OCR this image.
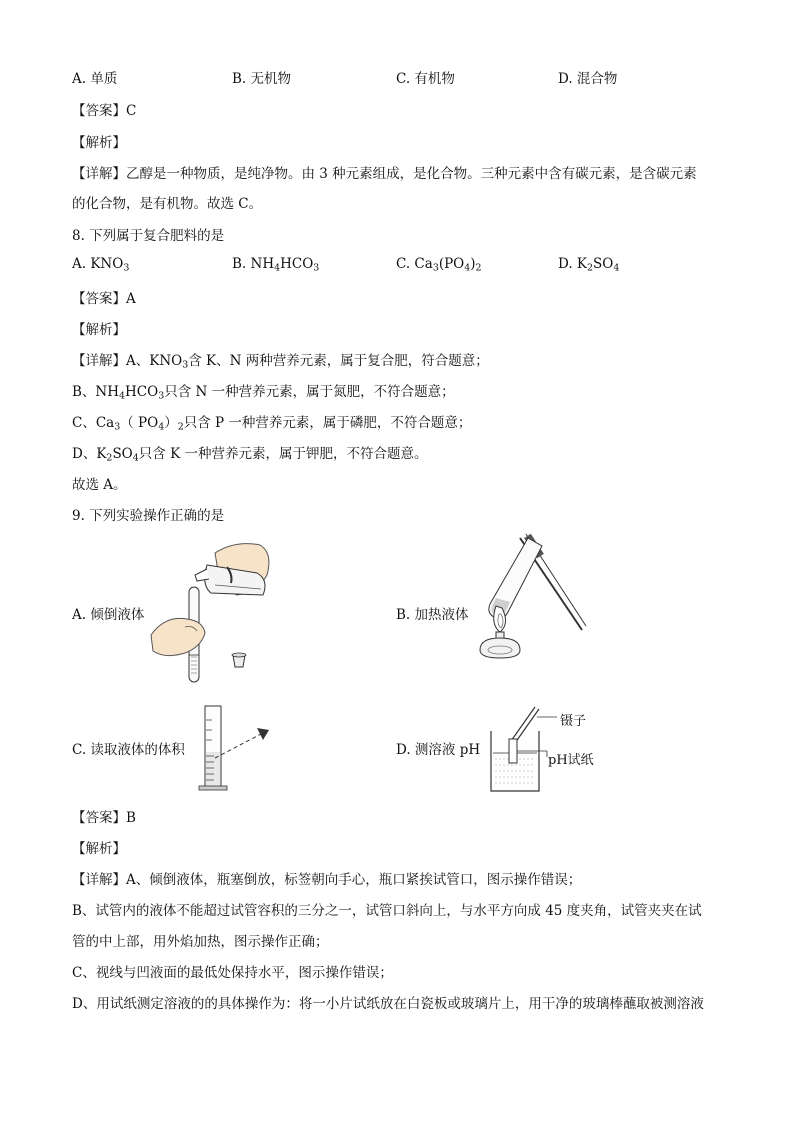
A. 单质	B. 无机物	C. 有机物	D. 混合物
【答案】C
【解析】
【详解】乙醇是一种物质，是纯净物。由 3 种元素组成，是化合物。三种元素中含有碳元素，是含碳元素
的化合物，是有机物。故选 C。
8. 下列属于复合肥料的是
A. $KNO_3$	B. $NH_4HCO_3$	C. $Ca_3(PO_4)_2$	D. $K_2SO_4$
【答案】A
【解析】
【详解】A、$KNO_3$含 K、N 两种营养元素，属于复合肥，符合题意；
B、$NH_4HCO_3$只含 N 一种营养元素，属于氮肥，不符合题意；
C、$Ca_3$（ $PO_4)_2$只含 P 一种营养元素，属于磷肥，不符合题意；
D、$K_2SO_4$只含 K 一种营养元素，属于钾肥，不符合题意。
故选 A。
9. 下列实验操作正确的是
A. 倾倒液体	B. 加热液体
C. 读取液体的体积	D. 测溶液 pH
镊子
pH试纸
【答案】B
【解析】
【详解】A、倾倒液体，瓶塞倒放，标签朝向手心，瓶口紧挨试管口，图示操作错误；
B、试管内的液体不能超过试管容积的三分之一，试管口斜向上，与水平方向成 45 度夹角，试管夹夹在试
管的中上部，用外焰加热，图示操作正确；
C、视线与凹液面的最低处保持水平，图示操作错误；
D、用试纸测定溶液的的具体操作为：将一小片试纸放在白瓷板或玻璃片上，用干净的玻璃棒蘸取被测溶液
